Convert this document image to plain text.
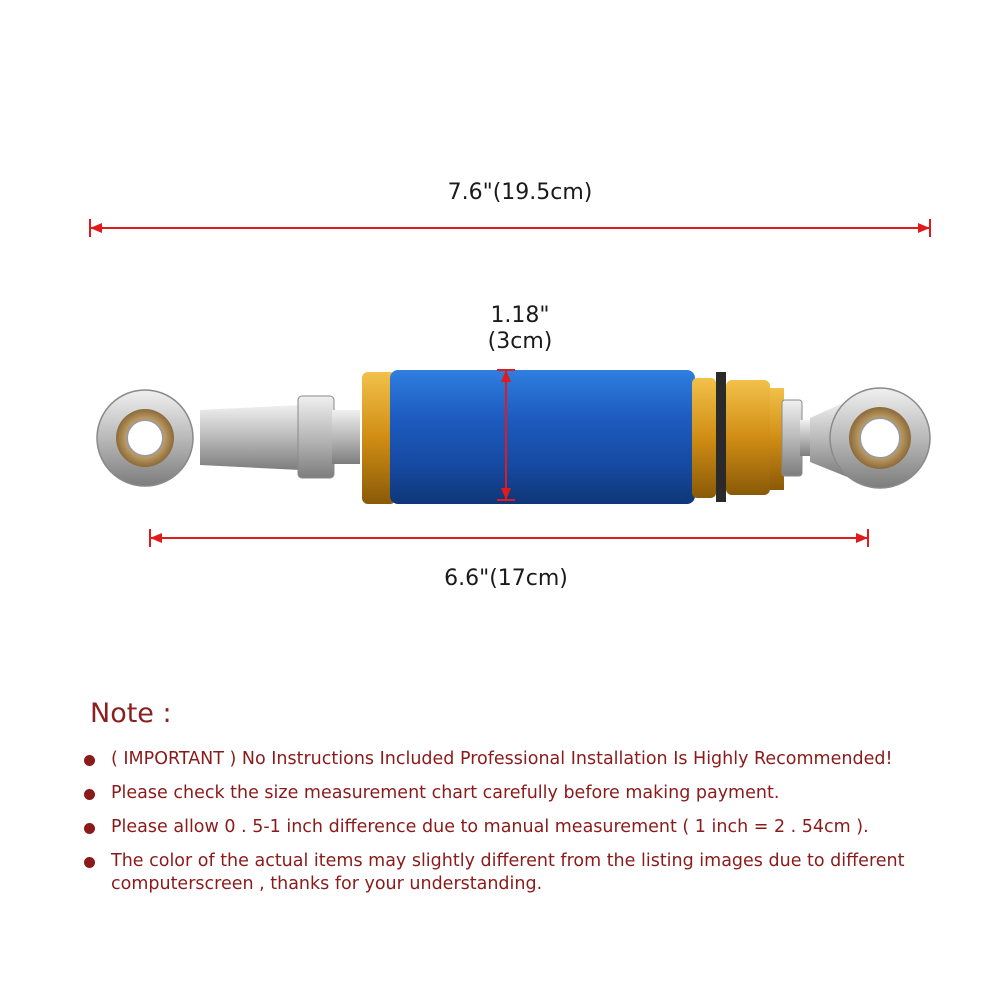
7.6"(19.5cm)
1.18"
(3cm)
6.6"(17cm)
Note :
( IMPORTANT ) No Instructions Included Professional Installation Is Highly Recommended!
Please check the size measurement chart carefully before making payment.
Please allow 0 . 5-1 inch difference due to manual measurement ( 1 inch = 2 . 54cm ).
The color of the actual items may slightly different from the listing images due to different computerscreen , thanks for your understanding.
